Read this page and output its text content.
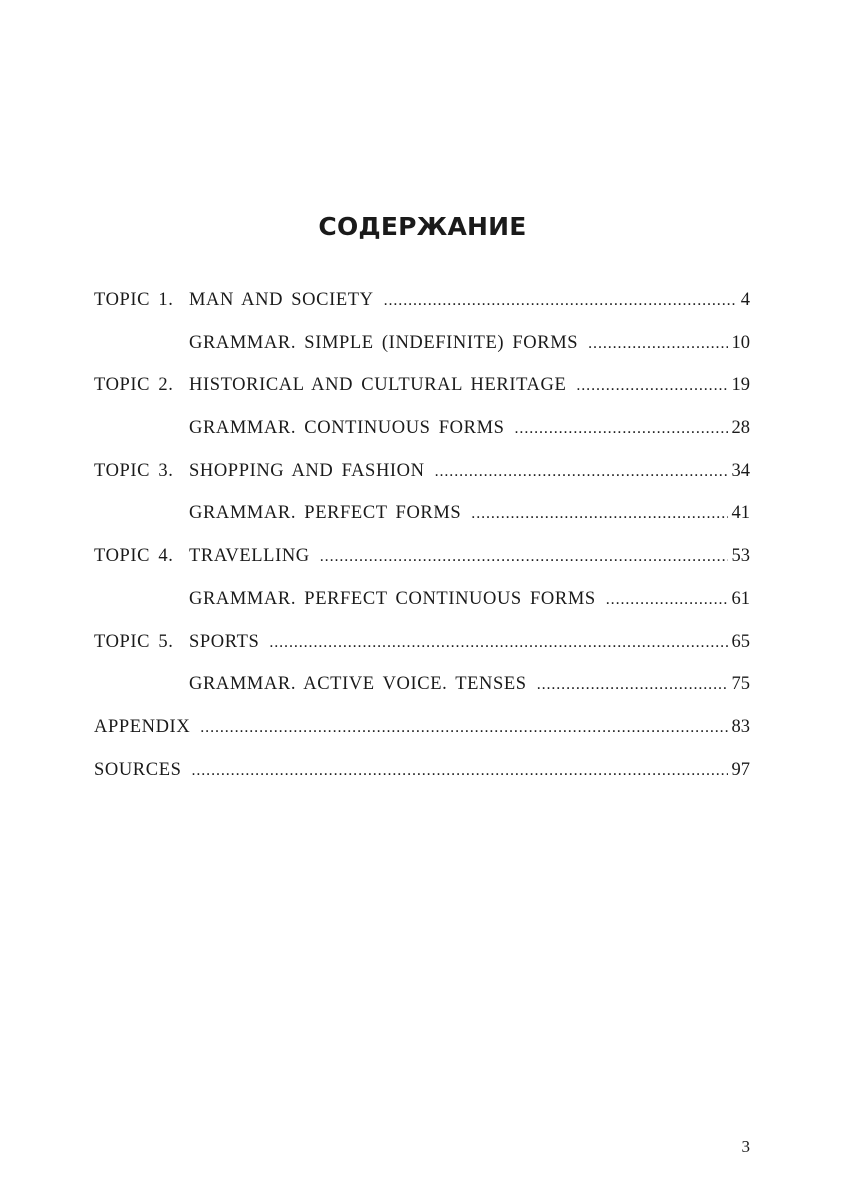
СОДЕРЖАНИЕ
TOPIC 1. MAN AND SOCIETY .....	4
GRAMMAR. SIMPLE (INDEFINITE) FORMS .....	10
TOPIC 2. HISTORICAL AND CULTURAL HERITAGE .....	19
GRAMMAR. CONTINUOUS FORMS .....	28
TOPIC 3. SHOPPING AND FASHION .....	34
GRAMMAR. PERFECT FORMS .....	41
TOPIC 4. TRAVELLING .....	53
GRAMMAR. PERFECT CONTINUOUS FORMS .....	61
TOPIC 5. SPORTS .....	65
GRAMMAR. ACTIVE VOICE. TENSES .....	75
APPENDIX .....	83
SOURCES .....	97

3
